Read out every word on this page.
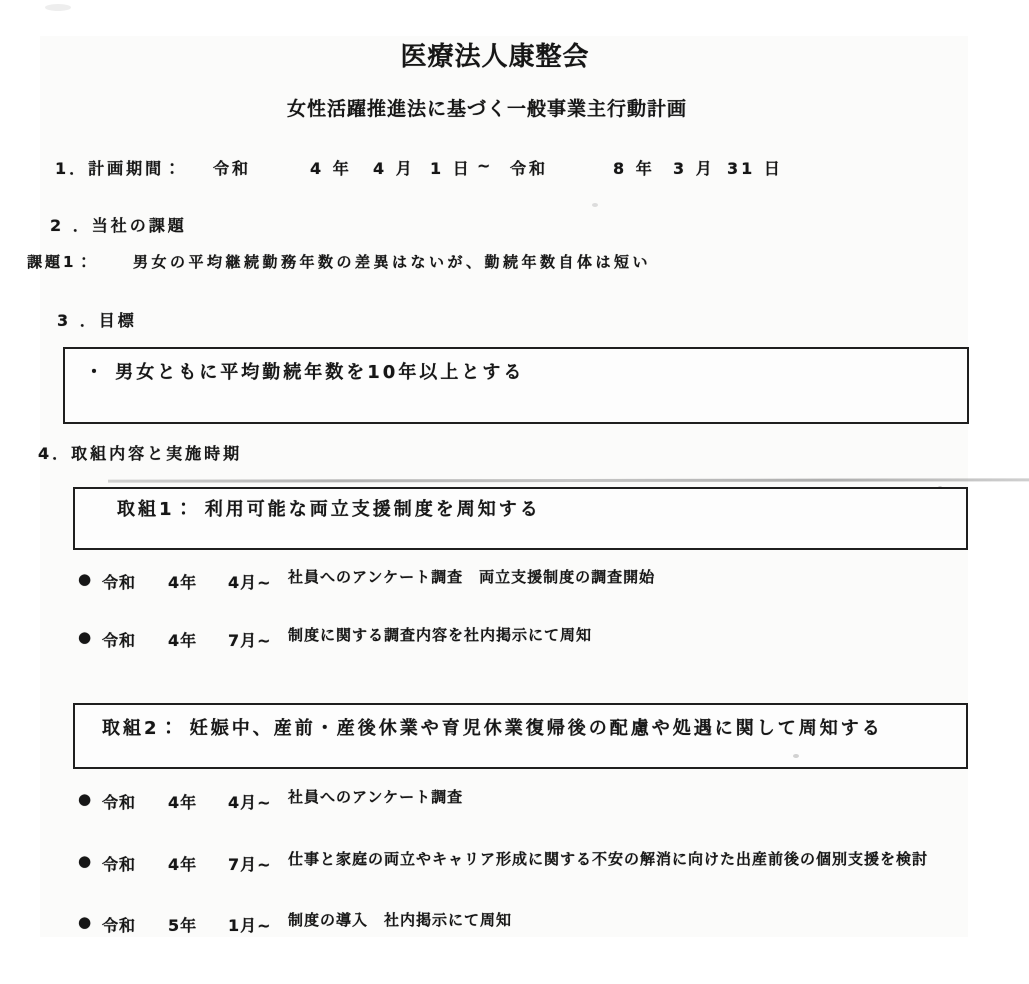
医療法人康整会
女性活躍推進法に基づく一般事業主行動計画
1．計画期間： 令和	4 年 4 月 1 日 ~ 令和	8 年 3 月 31 日
2 ．当社の課題
課題1：	男女の平均継続勤務年数の差異はないが、勤続年数自体は短い
3 ．目標
・ 男女ともに平均勤続年数を10年以上とする
4．取組内容と実施時期
取組1： 利用可能な両立支援制度を周知する
● 令和 4年 4月~ 社員へのアンケート調査　両立支援制度の調査開始
● 令和 4年 7月~ 制度に関する調査内容を社内掲示にて周知
取組2： 妊娠中、産前・産後休業や育児休業復帰後の配慮や処遇に関して周知する
● 令和 4年 4月~ 社員へのアンケート調査
● 令和 4年 7月~ 仕事と家庭の両立やキャリア形成に関する不安の解消に向けた出産前後の個別支援を検討
● 令和 5年 1月~ 制度の導入　社内掲示にて周知
